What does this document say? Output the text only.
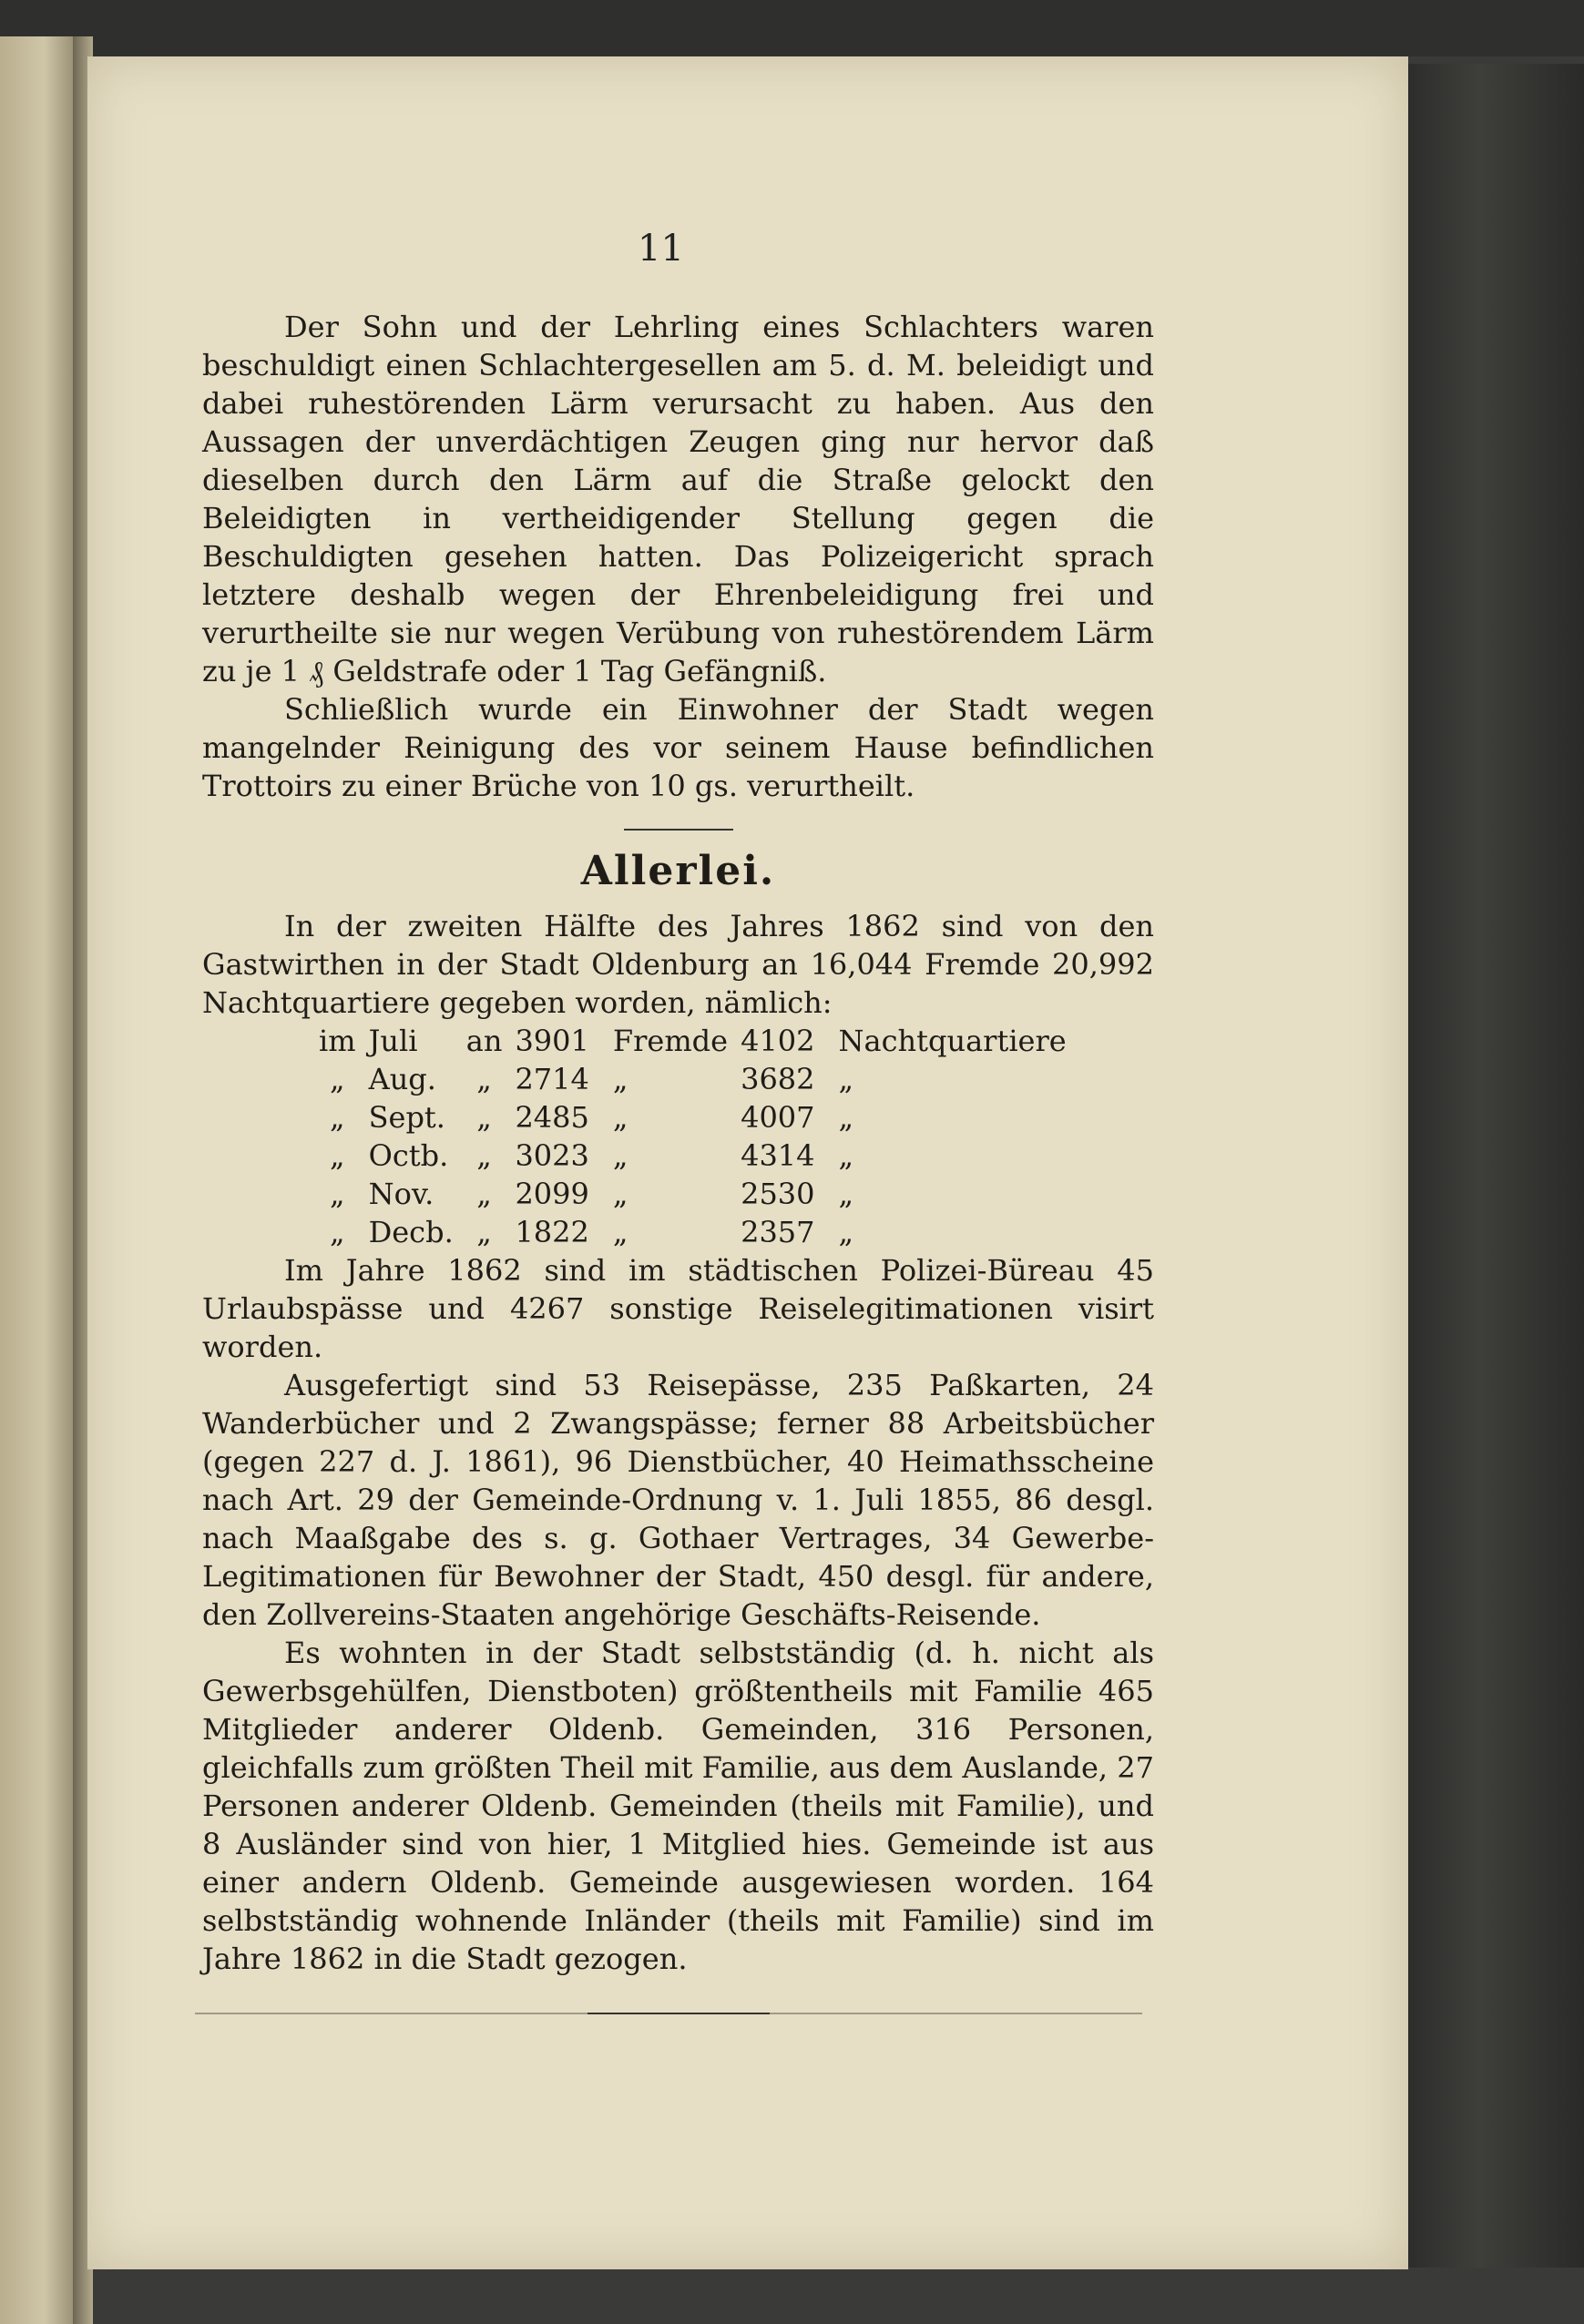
11

Der Sohn und der Lehrling eines Schlachters waren beschuldigt einen Schlachtergesellen am 5. d. M. beleidigt und dabei ruhestörenden Lärm verursacht zu haben. Aus den Aussagen der unverdächtigen Zeugen ging nur hervor daß dieselben durch den Lärm auf die Straße gelockt den Beleidigten in vertheidigender Stellung gegen die Beschuldigten gesehen hatten. Das Polizeigericht sprach letztere deshalb wegen der Ehrenbeleidigung frei und verurtheilte sie nur wegen Verübung von ruhestörendem Lärm zu je 1 ₰ Geldstrafe oder 1 Tag Gefängniß.

Schließlich wurde ein Einwohner der Stadt wegen mangelnder Reinigung des vor seinem Hause befindlichen Trottoirs zu einer Brüche von 10 gs. verurtheilt.

Allerlei.

In der zweiten Hälfte des Jahres 1862 sind von den Gastwirthen in der Stadt Oldenburg an 16,044 Fremde 20,992 Nachtquartiere gegeben worden, nämlich:

im	Juli	an	3901	Fremde	4102	Nachtquartiere
„	Aug.	„	2714	„	3682	„
„	Sept.	„	2485	„	4007	„
„	Octb.	„	3023	„	4314	„
„	Nov.	„	2099	„	2530	„
„	Decb.	„	1822	„	2357	„

Im Jahre 1862 sind im städtischen Polizei-Büreau 45 Urlaubspässe und 4267 sonstige Reiselegitimationen visirt worden.

Ausgefertigt sind 53 Reisepässe, 235 Paßkarten, 24 Wanderbücher und 2 Zwangspässe; ferner 88 Arbeitsbücher (gegen 227 d. J. 1861), 96 Dienstbücher, 40 Heimathsscheine nach Art. 29 der Gemeinde-Ordnung v. 1. Juli 1855, 86 desgl. nach Maaßgabe des s. g. Gothaer Vertrages, 34 Gewerbe-Legitimationen für Bewohner der Stadt, 450 desgl. für andere, den Zollvereins-Staaten angehörige Geschäfts-Reisende.

Es wohnten in der Stadt selbstständig (d. h. nicht als Gewerbsgehülfen, Dienstboten) größtentheils mit Familie 465 Mitglieder anderer Oldenb. Gemeinden, 316 Personen, gleichfalls zum größten Theil mit Familie, aus dem Auslande, 27 Personen anderer Oldenb. Gemeinden (theils mit Familie), und 8 Ausländer sind von hier, 1 Mitglied hies. Gemeinde ist aus einer andern Oldenb. Gemeinde ausgewiesen worden. 164 selbstständig wohnende Inländer (theils mit Familie) sind im Jahre 1862 in die Stadt gezogen.
